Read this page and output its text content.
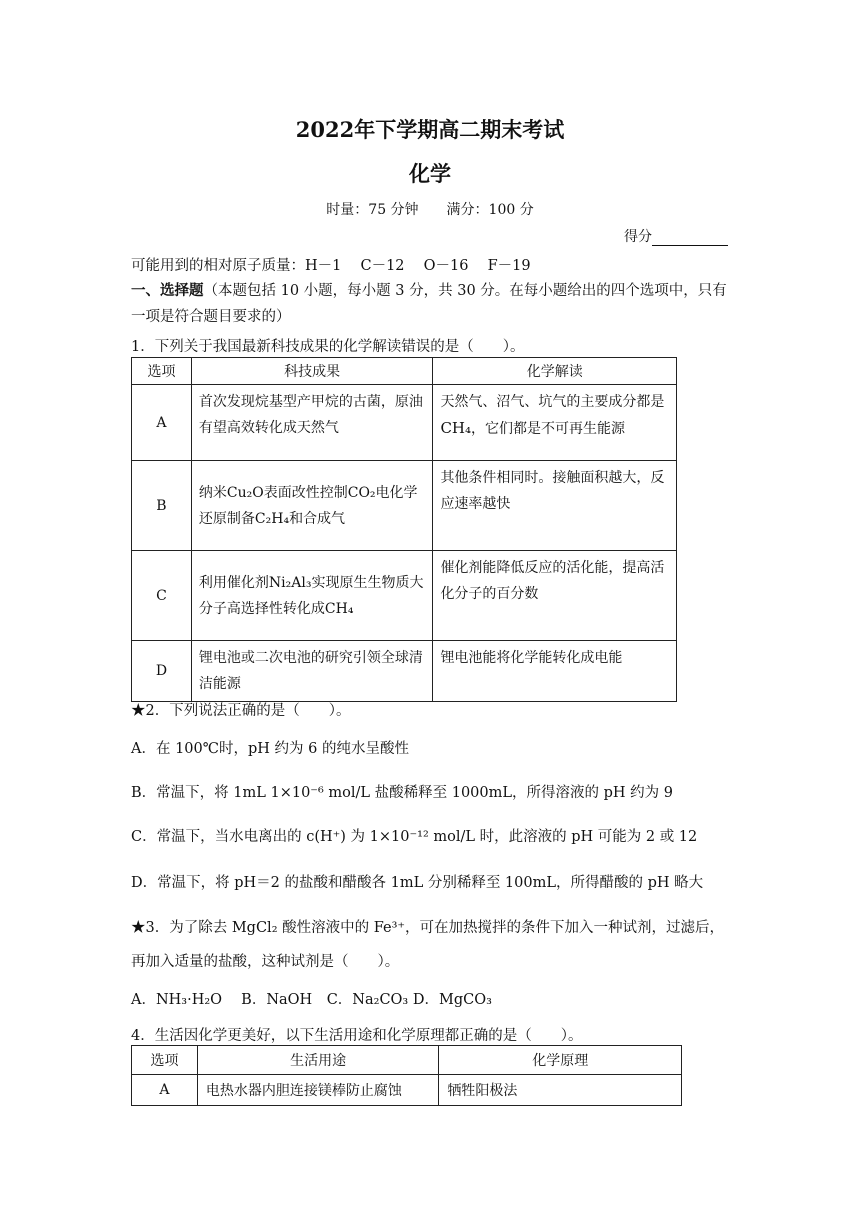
2022年下学期高二期末考试
化学
时量：75 分钟　　满分：100 分
得分
可能用到的相对原子质量：H－1　 C－12　 O－16　 F－19
一、选择题（本题包括 10 小题，每小题 3 分，共 30 分。在每小题给出的四个选项中，只有一项是符合题目要求的）
1．下列关于我国最新科技成果的化学解读错误的是（　　）。
选项	科技成果	化学解读
A	首次发现烷基型产甲烷的古菌，原油有望高效转化成天然气	天然气、沼气、坑气的主要成分都是CH₄，它们都是不可再生能源
B	纳米Cu₂O表面改性控制CO₂电化学还原制备C₂H₄和合成气	其他条件相同时。接触面积越大，反应速率越快
C	利用催化剂Ni₂Al₃实现原生生物质大分子高选择性转化成CH₄	催化剂能降低反应的活化能，提高活化分子的百分数
D	锂电池或二次电池的研究引领全球清洁能源	锂电池能将化学能转化成电能
★2．下列说法正确的是（　　）。
A．在 100℃时，pH 约为 6 的纯水呈酸性
B．常温下，将 1mL 1×10⁻⁶ mol/L 盐酸稀释至 1000mL，所得溶液的 pH 约为 9
C．常温下，当水电离出的 c(H⁺) 为 1×10⁻¹² mol/L 时，此溶液的 pH 可能为 2 或 12
D．常温下，将 pH＝2 的盐酸和醋酸各 1mL 分别稀释至 100mL，所得醋酸的 pH 略大
★3．为了除去 MgCl₂ 酸性溶液中的 Fe³⁺，可在加热搅拌的条件下加入一种试剂，过滤后，再加入适量的盐酸，这种试剂是（　　）。
A．NH₃·H₂O　 B．NaOH　C．Na₂CO₃ D．MgCO₃
4．生活因化学更美好，以下生活用途和化学原理都正确的是（　　）。
选项	生活用途	化学原理
A	电热水器内胆连接镁棒防止腐蚀	牺牲阳极法
